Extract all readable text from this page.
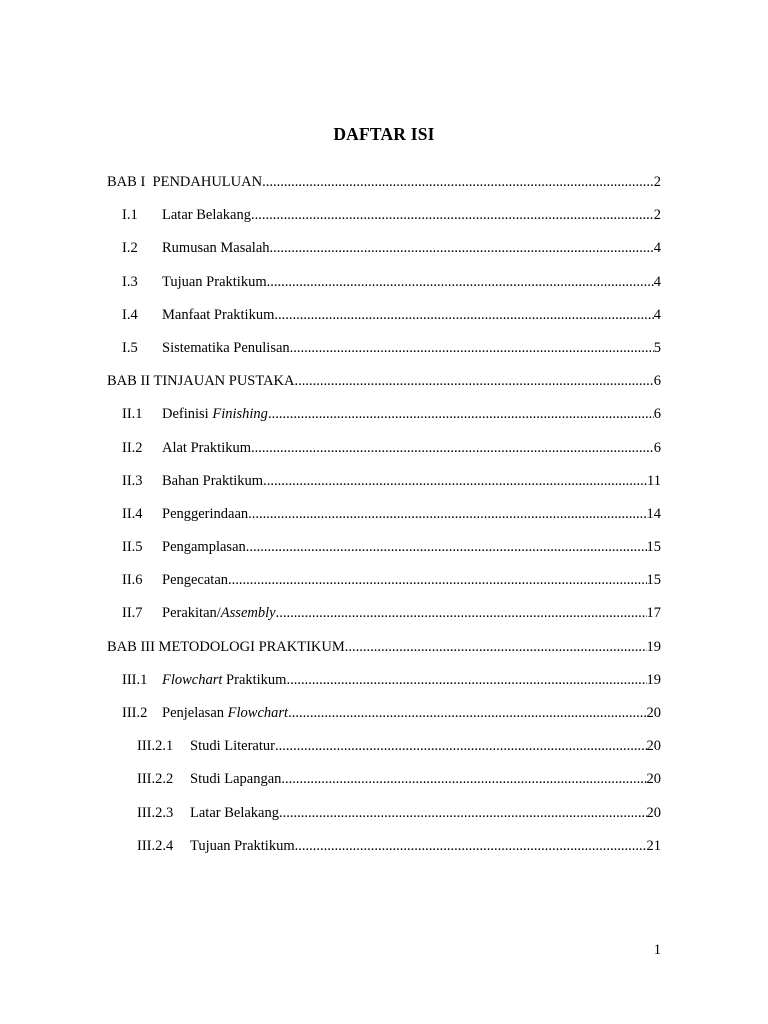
DAFTAR ISI
BAB I  PENDAHULUAN .....	2
I.1	Latar Belakang .....	2
I.2	Rumusan Masalah .....	4
I.3	Tujuan Praktikum .....	4
I.4	Manfaat Praktikum .....	4
I.5	Sistematika Penulisan .....	5
BAB II TINJAUAN PUSTAKA .....	6
II.1	Definisi Finishing .....	6
II.2	Alat Praktikum .....	6
II.3	Bahan Praktikum .....	11
II.4	Penggerindaan .....	14
II.5	Pengamplasan .....	15
II.6	Pengecatan .....	15
II.7	Perakitan/Assembly .....	17
BAB III METODOLOGI PRAKTIKUM .....	19
III.1	Flowchart Praktikum .....	19
III.2	Penjelasan Flowchart .....	20
III.2.1	Studi Literatur .....	20
III.2.2	Studi Lapangan .....	20
III.2.3	Latar Belakang .....	20
III.2.4	Tujuan Praktikum .....	21
1
